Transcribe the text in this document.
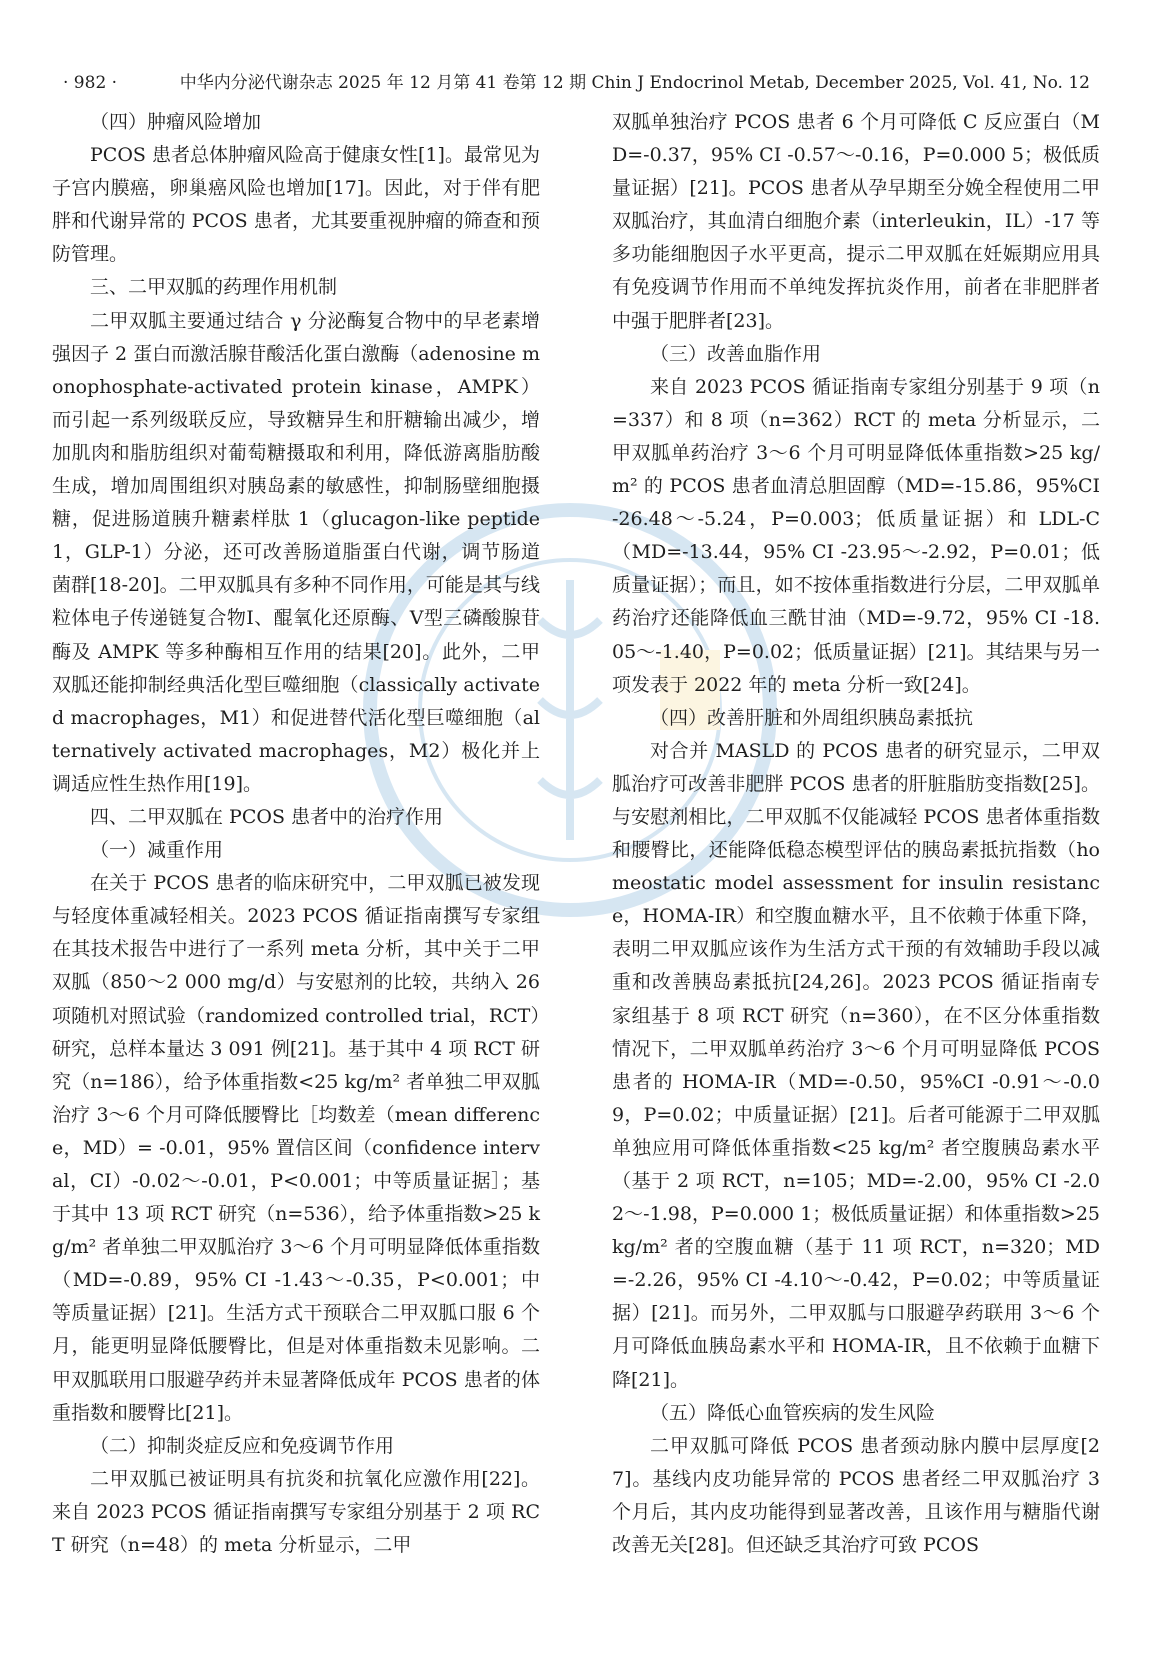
· 982 ·	中华内分泌代谢杂志 2025 年 12 月第 41 卷第 12 期 Chin J Endocrinol Metab, December 2025, Vol. 41, No. 12

（四）肿瘤风险增加

PCOS 患者总体肿瘤风险高于健康女性[1]。最常见为子宫内膜癌，卵巢癌风险也增加[17]。因此，对于伴有肥胖和代谢异常的 PCOS 患者，尤其要重视肿瘤的筛查和预防管理。

三、二甲双胍的药理作用机制

二甲双胍主要通过结合 γ 分泌酶复合物中的早老素增强因子 2 蛋白而激活腺苷酸活化蛋白激酶（adenosine monophosphate-activated protein kinase，AMPK）而引起一系列级联反应，导致糖异生和肝糖输出减少，增加肌肉和脂肪组织对葡萄糖摄取和利用，降低游离脂肪酸生成，增加周围组织对胰岛素的敏感性，抑制肠壁细胞摄糖，促进肠道胰升糖素样肽 1（glucagon-like peptide 1，GLP-1）分泌，还可改善肠道脂蛋白代谢，调节肠道菌群[18-20]。二甲双胍具有多种不同作用，可能是其与线粒体电子传递链复合物Ⅰ、醌氧化还原酶、Ⅴ型三磷酸腺苷酶及 AMPK 等多种酶相互作用的结果[20]。此外，二甲双胍还能抑制经典活化型巨噬细胞（classically activated macrophages，M1）和促进替代活化型巨噬细胞（alternatively activated macrophages，M2）极化并上调适应性生热作用[19]。

四、二甲双胍在 PCOS 患者中的治疗作用

（一）减重作用

在关于 PCOS 患者的临床研究中，二甲双胍已被发现与轻度体重减轻相关。2023 PCOS 循证指南撰写专家组在其技术报告中进行了一系列 meta 分析，其中关于二甲双胍（850～2 000 mg/d）与安慰剂的比较，共纳入 26 项随机对照试验（randomized controlled trial，RCT）研究，总样本量达 3 091 例[21]。基于其中 4 项 RCT 研究（n=186），给予体重指数<25 kg/m² 者单独二甲双胍治疗 3～6 个月可降低腰臀比［均数差（mean difference，MD）= -0.01，95% 置信区间（confidence interval，CI）-0.02～-0.01，P<0.001；中等质量证据］；基于其中 13 项 RCT 研究（n=536），给予体重指数>25 kg/m² 者单独二甲双胍治疗 3～6 个月可明显降低体重指数（MD=-0.89，95% CI -1.43～-0.35，P<0.001；中等质量证据）[21]。生活方式干预联合二甲双胍口服 6 个月，能更明显降低腰臀比，但是对体重指数未见影响。二甲双胍联用口服避孕药并未显著降低成年 PCOS 患者的体重指数和腰臀比[21]。

（二）抑制炎症反应和免疫调节作用

二甲双胍已被证明具有抗炎和抗氧化应激作用[22]。来自 2023 PCOS 循证指南撰写专家组分别基于 2 项 RCT 研究（n=48）的 meta 分析显示，二甲

双胍单独治疗 PCOS 患者 6 个月可降低 C 反应蛋白（MD=-0.37，95% CI -0.57～-0.16，P=0.000 5；极低质量证据）[21]。PCOS 患者从孕早期至分娩全程使用二甲双胍治疗，其血清白细胞介素（interleukin，IL）-17 等多功能细胞因子水平更高，提示二甲双胍在妊娠期应用具有免疫调节作用而不单纯发挥抗炎作用，前者在非肥胖者中强于肥胖者[23]。

（三）改善血脂作用

来自 2023 PCOS 循证指南专家组分别基于 9 项（n=337）和 8 项（n=362）RCT 的 meta 分析显示，二甲双胍单药治疗 3～6 个月可明显降低体重指数>25 kg/m² 的 PCOS 患者血清总胆固醇（MD=-15.86，95%CI -26.48～-5.24，P=0.003；低质量证据）和 LDL-C（MD=-13.44，95% CI -23.95～-2.92，P=0.01；低质量证据）；而且，如不按体重指数进行分层，二甲双胍单药治疗还能降低血三酰甘油（MD=-9.72，95% CI -18.05～-1.40，P=0.02；低质量证据）[21]。其结果与另一项发表于 2022 年的 meta 分析一致[24]。

（四）改善肝脏和外周组织胰岛素抵抗

对合并 MASLD 的 PCOS 患者的研究显示，二甲双胍治疗可改善非肥胖 PCOS 患者的肝脏脂肪变指数[25]。与安慰剂相比，二甲双胍不仅能减轻 PCOS 患者体重指数和腰臀比，还能降低稳态模型评估的胰岛素抵抗指数（homeostatic model assessment for insulin resistance，HOMA-IR）和空腹血糖水平，且不依赖于体重下降，表明二甲双胍应该作为生活方式干预的有效辅助手段以减重和改善胰岛素抵抗[24,26]。2023 PCOS 循证指南专家组基于 8 项 RCT 研究（n=360），在不区分体重指数情况下，二甲双胍单药治疗 3～6 个月可明显降低 PCOS 患者的 HOMA-IR（MD=-0.50，95%CI -0.91～-0.09，P=0.02；中质量证据）[21]。后者可能源于二甲双胍单独应用可降低体重指数<25 kg/m² 者空腹胰岛素水平（基于 2 项 RCT，n=105；MD=-2.00，95% CI -2.02～-1.98，P=0.000 1；极低质量证据）和体重指数>25 kg/m² 者的空腹血糖（基于 11 项 RCT，n=320；MD=-2.26，95% CI -4.10～-0.42，P=0.02；中等质量证据）[21]。而另外，二甲双胍与口服避孕药联用 3～6 个月可降低血胰岛素水平和 HOMA-IR，且不依赖于血糖下降[21]。

（五）降低心血管疾病的发生风险

二甲双胍可降低 PCOS 患者颈动脉内膜中层厚度[27]。基线内皮功能异常的 PCOS 患者经二甲双胍治疗 3 个月后，其内皮功能得到显著改善，且该作用与糖脂代谢改善无关[28]。但还缺乏其治疗可致 PCOS
